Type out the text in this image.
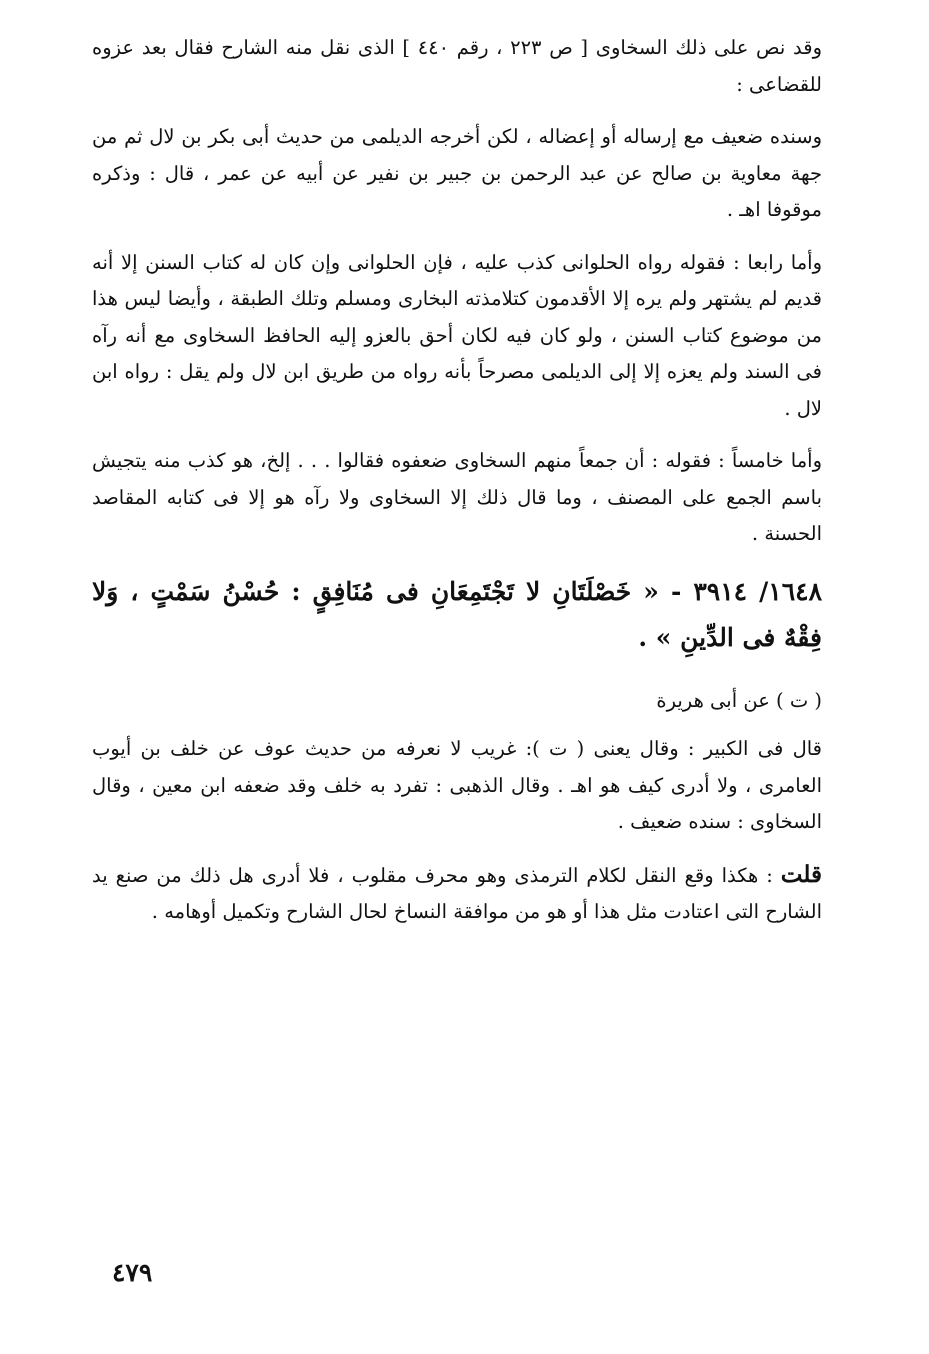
وقد نص على ذلك السخاوى [ ص ٢٢٣ ، رقم ٤٤٠ ] الذى نقل منه الشارح فقال بعد عزوه للقضاعى :

وسنده ضعيف مع إرساله أو إعضاله ، لكن أخرجه الديلمى من حديث أبى بكر بن لال ثم من جهة معاوية بن صالح عن عبد الرحمن بن جبير بن نفير عن أبيه عن عمر ، قال : وذكره موقوفا اهـ .

وأما رابعا : فقوله رواه الحلوانى كذب عليه ، فإن الحلوانى وإن كان له كتاب السنن إلا أنه قديم لم يشتهر ولم يره إلا الأقدمون كتلامذته البخارى ومسلم وتلك الطبقة ، وأيضا ليس هذا من موضوع كتاب السنن ، ولو كان فيه لكان أحق بالعزو إليه الحافظ السخاوى مع أنه رآه فى السند ولم يعزه إلا إلى الديلمى مصرحاً بأنه رواه من طريق ابن لال ولم يقل : رواه ابن لال .

وأما خامساً : فقوله : أن جمعاً منهم السخاوى ضعفوه فقالوا . . . إلخ، هو كذب منه يتجيش باسم الجمع على المصنف ، وما قال ذلك إلا السخاوى ولا رآه هو إلا فى كتابه المقاصد الحسنة .

١٦٤٨/ ٣٩١٤ - « خَصْلَتَانِ لا تَجْتَمِعَانِ فى مُنَافِقٍ : حُسْنُ سَمْتٍ ، وَلا فِقْهٌ فى الدِّينِ » .

( ت ) عن أبى هريرة

قال فى الكبير : وقال يعنى ( ت ): غريب لا نعرفه من حديث عوف عن خلف بن أيوب العامرى ، ولا أدرى كيف هو اهـ . وقال الذهبى : تفرد به خلف وقد ضعفه ابن معين ، وقال السخاوى : سنده ضعيف .

قلت : هكذا وقع النقل لكلام الترمذى وهو محرف مقلوب ، فلا أدرى هل ذلك من صنع يد الشارح التى اعتادت مثل هذا أو هو من موافقة النساخ لحال الشارح وتكميل أوهامه .

٤٧٩
